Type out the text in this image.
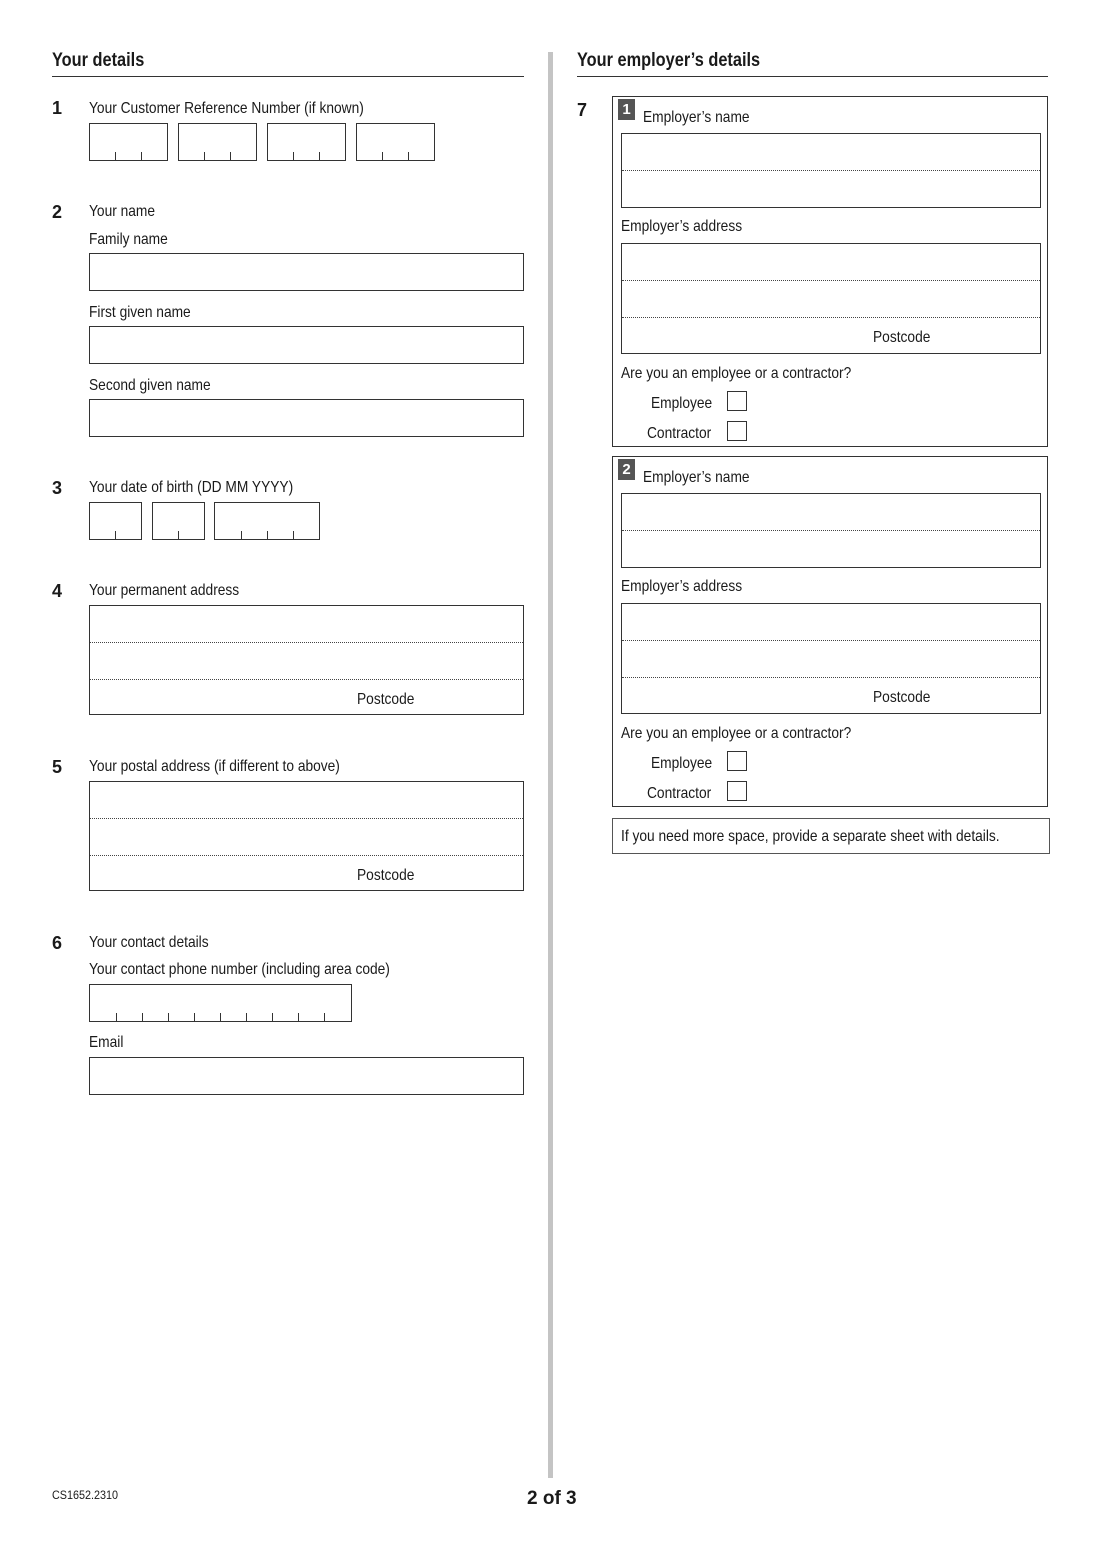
Your details
1 Your Customer Reference Number (if known)
2 Your name
Family name
First given name
Second given name
3 Your date of birth (DD MM YYYY)
4 Your permanent address
Postcode
5 Your postal address (if different to above)
Postcode
6 Your contact details
Your contact phone number (including area code)
Email
Your employer’s details
7 1 Employer’s name
Employer’s address
Postcode
Are you an employee or a contractor?
Employee
Contractor
2 Employer’s name
Employer’s address
Postcode
Are you an employee or a contractor?
Employee
Contractor
If you need more space, provide a separate sheet with details.
CS1652.2310	2 of 3
